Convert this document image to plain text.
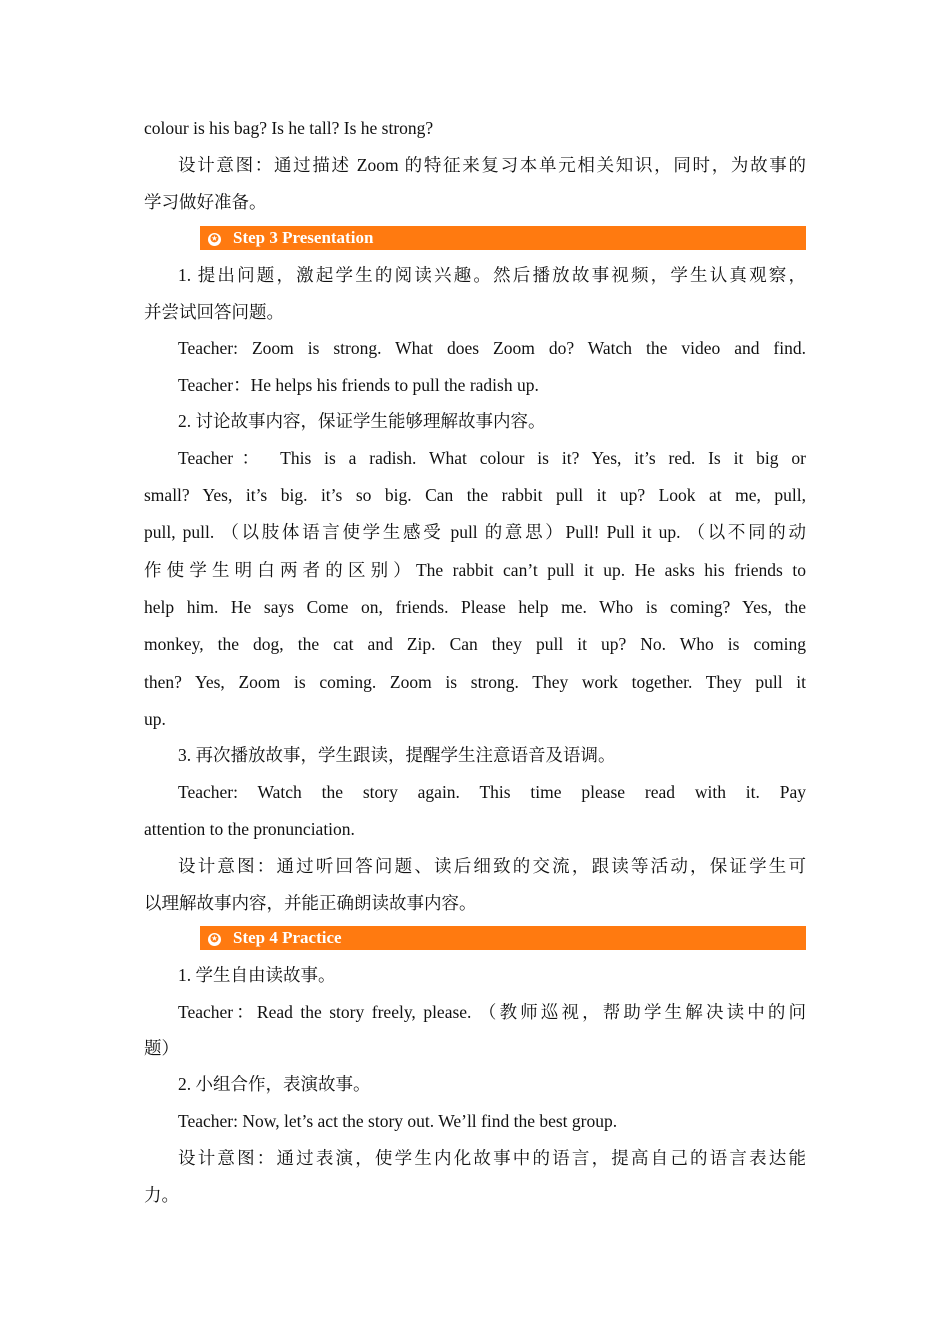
colour is his bag? Is he tall? Is he strong?

设计意图：通过描述 Zoom 的特征来复习本单元相关知识，同时，为故事的

学习做好准备。

✪ Step 3 Presentation

1. 提出问题，激起学生的阅读兴趣。然后播放故事视频，学生认真观察，

并尝试回答问题。

Teacher: Zoom is strong. What does Zoom do? Watch the video and find.

Teacher：He helps his friends to pull the radish up.

2. 讨论故事内容，保证学生能够理解故事内容。

Teacher： This is a radish. What colour is it? Yes, it’s red. Is it big or

small? Yes, it’s big. it’s so big. Can the rabbit pull it up? Look at me, pull,

pull, pull. （以肢体语言使学生感受 pull 的意思）Pull! Pull it up. （以不同的动

作使学生明白两者的区别）The rabbit can’t pull it up. He asks his friends to

help him. He says Come on, friends. Please help me. Who is coming? Yes, the

monkey, the dog, the cat and Zip. Can they pull it up? No. Who is coming

then? Yes, Zoom is coming. Zoom is strong. They work together. They pull it

up.

3. 再次播放故事，学生跟读，提醒学生注意语音及语调。

Teacher: Watch the story again. This time please read with it. Pay

attention to the pronunciation.

设计意图：通过听回答问题、读后细致的交流，跟读等活动，保证学生可

以理解故事内容，并能正确朗读故事内容。

✪ Step 4 Practice

1. 学生自由读故事。

Teacher：Read the story freely, please. （教师巡视，帮助学生解决读中的问

题）

2. 小组合作，表演故事。

Teacher: Now, let’s act the story out. We’ll find the best group.

设计意图：通过表演，使学生内化故事中的语言，提高自己的语言表达能

力。
